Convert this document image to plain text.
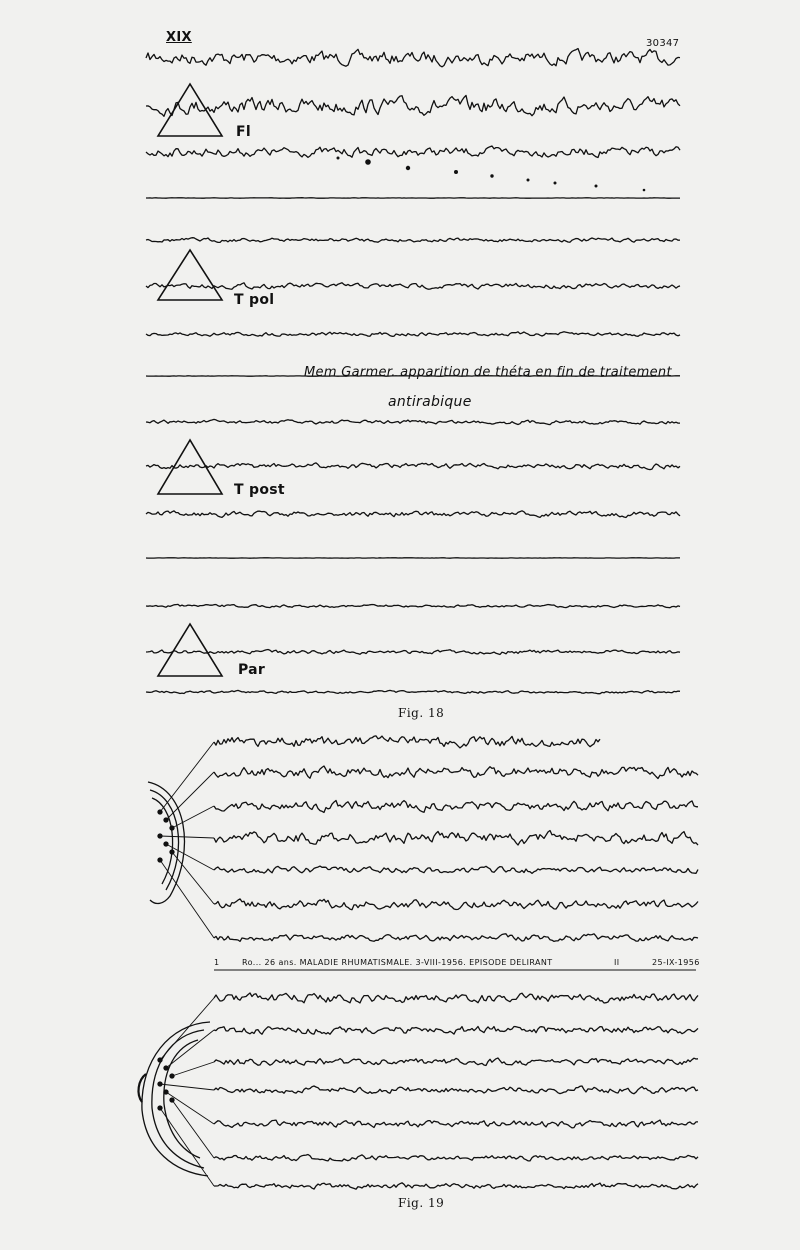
XIX	30347
Fl
T pol
T post
Par
Mem Garmer. apparition de théta en fin de traitement
antirabique
Fig. 18
1	Ro... 26 ans. MALADIE RHUMATISMALE. 3-VIII-1956. EPISODE DELIRANT	II	25-IX-1956
Fig. 19
